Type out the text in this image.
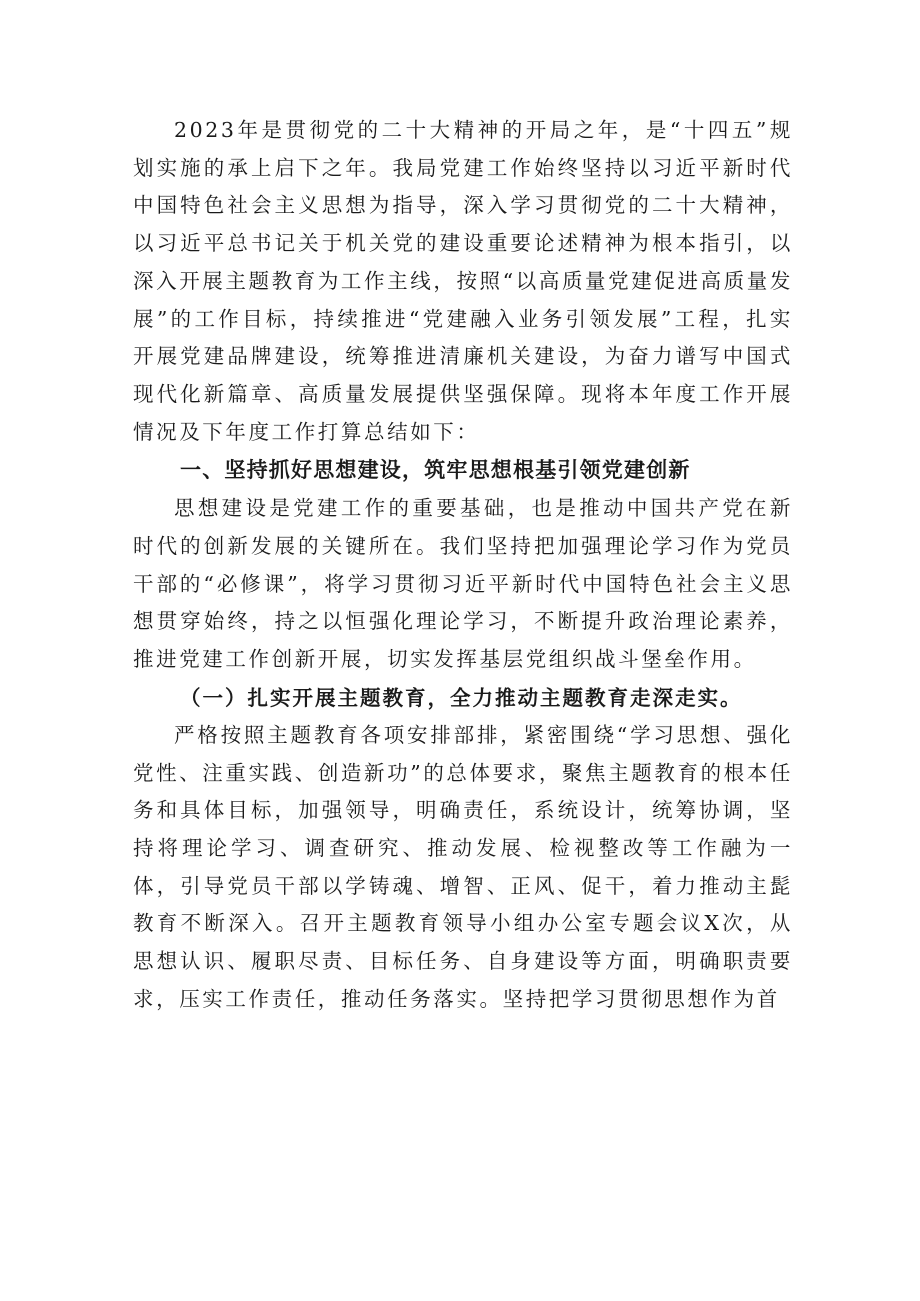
2023年是贯彻党的二十大精神的开局之年，是“十四五”规划实施的承上启下之年。我局党建工作始终坚持以习近平新时代中国特色社会主义思想为指导，深入学习贯彻党的二十大精神，以习近平总书记关于机关党的建设重要论述精神为根本指引，以深入开展主题教育为工作主线，按照“以高质量党建促进高质量发展”的工作目标，持续推进“党建融入业务引领发展”工程，扎实开展党建品牌建设，统筹推进清廉机关建设，为奋力谱写中国式现代化新篇章、高质量发展提供坚强保障。现将本年度工作开展情况及下年度工作打算总结如下：

一、坚持抓好思想建设，筑牢思想根基引领党建创新

思想建设是党建工作的重要基础，也是推动中国共产党在新时代的创新发展的关键所在。我们坚持把加强理论学习作为党员干部的“必修课”，将学习贯彻习近平新时代中国特色社会主义思想贯穿始终，持之以恒强化理论学习，不断提升政治理论素养，推进党建工作创新开展，切实发挥基层党组织战斗堡垒作用。

（一）扎实开展主题教育，全力推动主题教育走深走实。

严格按照主题教育各项安排部排，紧密围绕“学习思想、强化党性、注重实践、创造新功”的总体要求，聚焦主题教育的根本任务和具体目标，加强领导，明确责任，系统设计，统筹协调，坚持将理论学习、调查研究、推动发展、检视整改等工作融为一体，引导党员干部以学铸魂、增智、正风、促干，着力推动主髭教育不断深入。召开主题教育领导小组办公室专题会议X次，从思想认识、履职尽责、目标任务、自身建设等方面，明确职责要求，压实工作责任，推动任务落实。坚持把学习贯彻思想作为首
